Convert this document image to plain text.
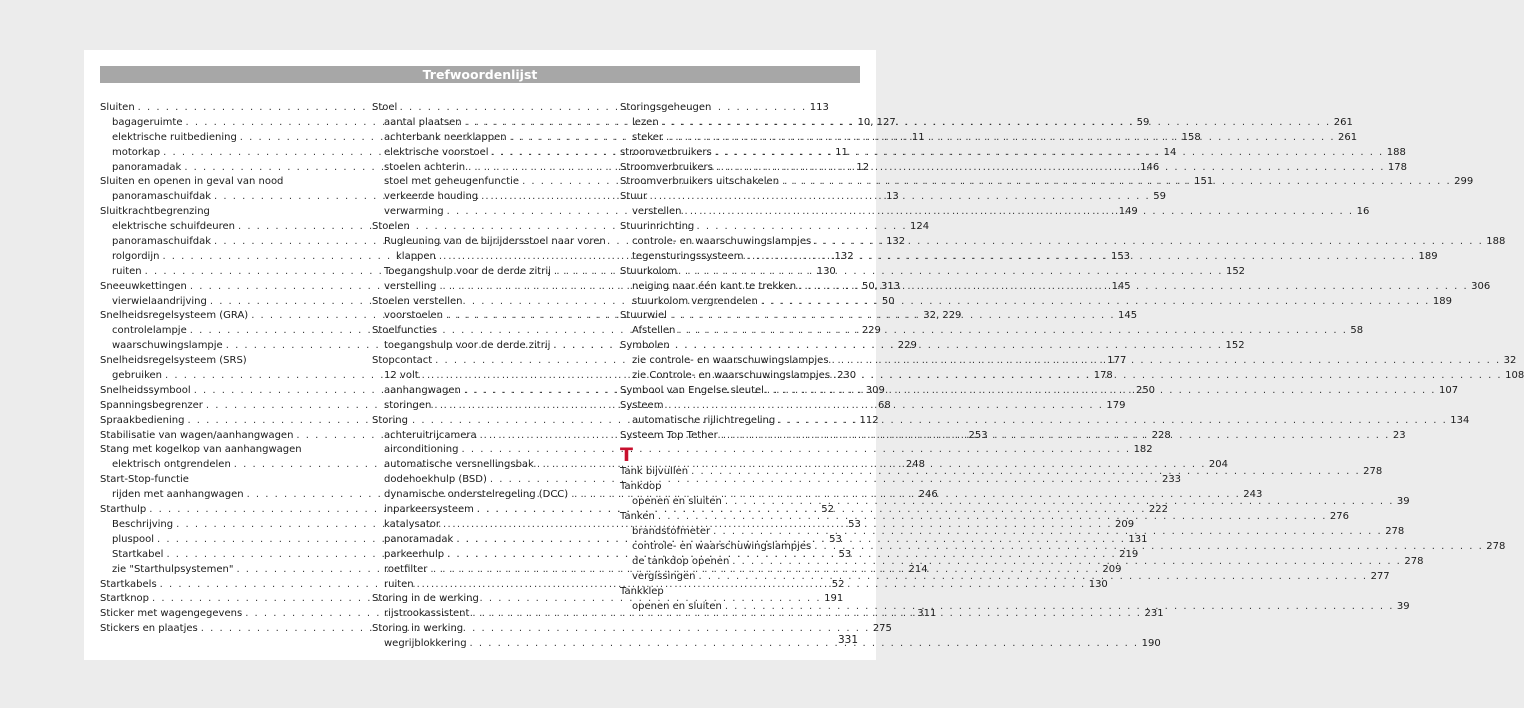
Trefwoordenlijst
Sluiten . . .	113
bagageruimte . . .	10, 127
elektrische ruitbediening . . .	11
motorkap . . .	11
panoramadak . . .	12
Sluiten en openen in geval van nood
panoramaschuifdak . . .	13
Sluitkrachtbegrenzing
elektrische schuifdeuren . . .	124
panoramaschuifdak . . .	132
rolgordijn . . .	132
ruiten . . .	130
Sneeuwkettingen . . .	50, 313
vierwielaandrijving . . .	50
Snelheidsregelsysteem (GRA) . . .	32, 229
controlelampje . . .	229
waarschuwingslampje . . .	229
Snelheidsregelsysteem (SRS)
gebruiken . . .	230
Snelheidssymbool . . .	309
Spanningsbegrenzer . . .	68
Spraakbediening . . .	112
Stabilisatie van wagen/aanhangwagen . . .	253
Stang met kogelkop van aanhangwagen
elektrisch ontgrendelen . . .	248
Start-Stop-functie
rijden met aanhangwagen . . .	246
Starthulp . . .	52
Beschrijving . . .	53
pluspool . . .	53
Startkabel . . .	53
zie "Starthulpsystemen" . . .	214
Startkabels . . .	52
Startknop . . .	191
Sticker met wagengegevens . . .	311
Stickers en plaatjes . . .	275
Stoel
aantal plaatsen . . .	59
achterbank neerklappen . . .	158
elektrische voorstoel . . .	14
stoelen achterin . . .	146
stoel met geheugenfunctie . . .	151
verkeerde houding . . .	59
verwarming . . .	149
Stoelen
Rugleuning van de bijrijdersstoel naar voren
klappen . . .	153
Toegangshulp voor de derde zitrij . . .	152
verstelling . . .	145
Stoelen verstellen
voorstoelen . . .	145
Stoelfuncties
toegangshulp voor de derde zitrij . . .	152
Stopcontact . . .	177
12 volt . . .	178
aanhangwagen . . .	250
storingen . . .	179
Storing
achteruitrijcamera . . .	228
airconditioning . . .	182
automatische versnellingsbak . . .	204
dodehoekhulp (BSD) . . .	233
dynamische onderstelregeling (DCC) . . .	243
inparkeersysteem . . .	222
katalysator . . .	209
panoramadak . . .	131
parkeerhulp . . .	219
roetfilter . . .	209
ruiten . . .	130
Storing in de werking
rijstrookassistent . . .	231
Storing in werking
wegrijblokkering . . .	190
Storingsgeheugen
lezen . . .	261
steker . . .	261
stroomverbruikers . . .	188
Stroomverbruikers . . .	178
Stroomverbruikers uitschakelen . . .	299
Stuur
verstellen . . .	16
Stuurinrichting
controle- en waarschuwingslampjes . . .	188
tegensturingssysteem . . .	189
Stuurkolom
neiging naar één kant te trekken . . .	306
stuurkolom vergrendelen . . .	189
Stuurwiel
Afstellen . . .	58
Symbolen
zie controle- en waarschuwingslampjes . . .	32
zie Controle- en waarschuwingslampjes . . .	108
Symbool van Engelse sleutel . . .	107
Systeem
automatische rijlichtregeling . . .	134
Systeem Top Tether . . .	23
T
Tank bijvullen . . .	278
Tankdop
openen en sluiten . . .	39
Tanken . . .	276
brandstofmeter . . .	278
controle- en waarschuwingslampjes . . .	278
de tankdop openen . . .	278
vergissingen . . .	277
Tankklep
openen en sluiten . . .	39
331
